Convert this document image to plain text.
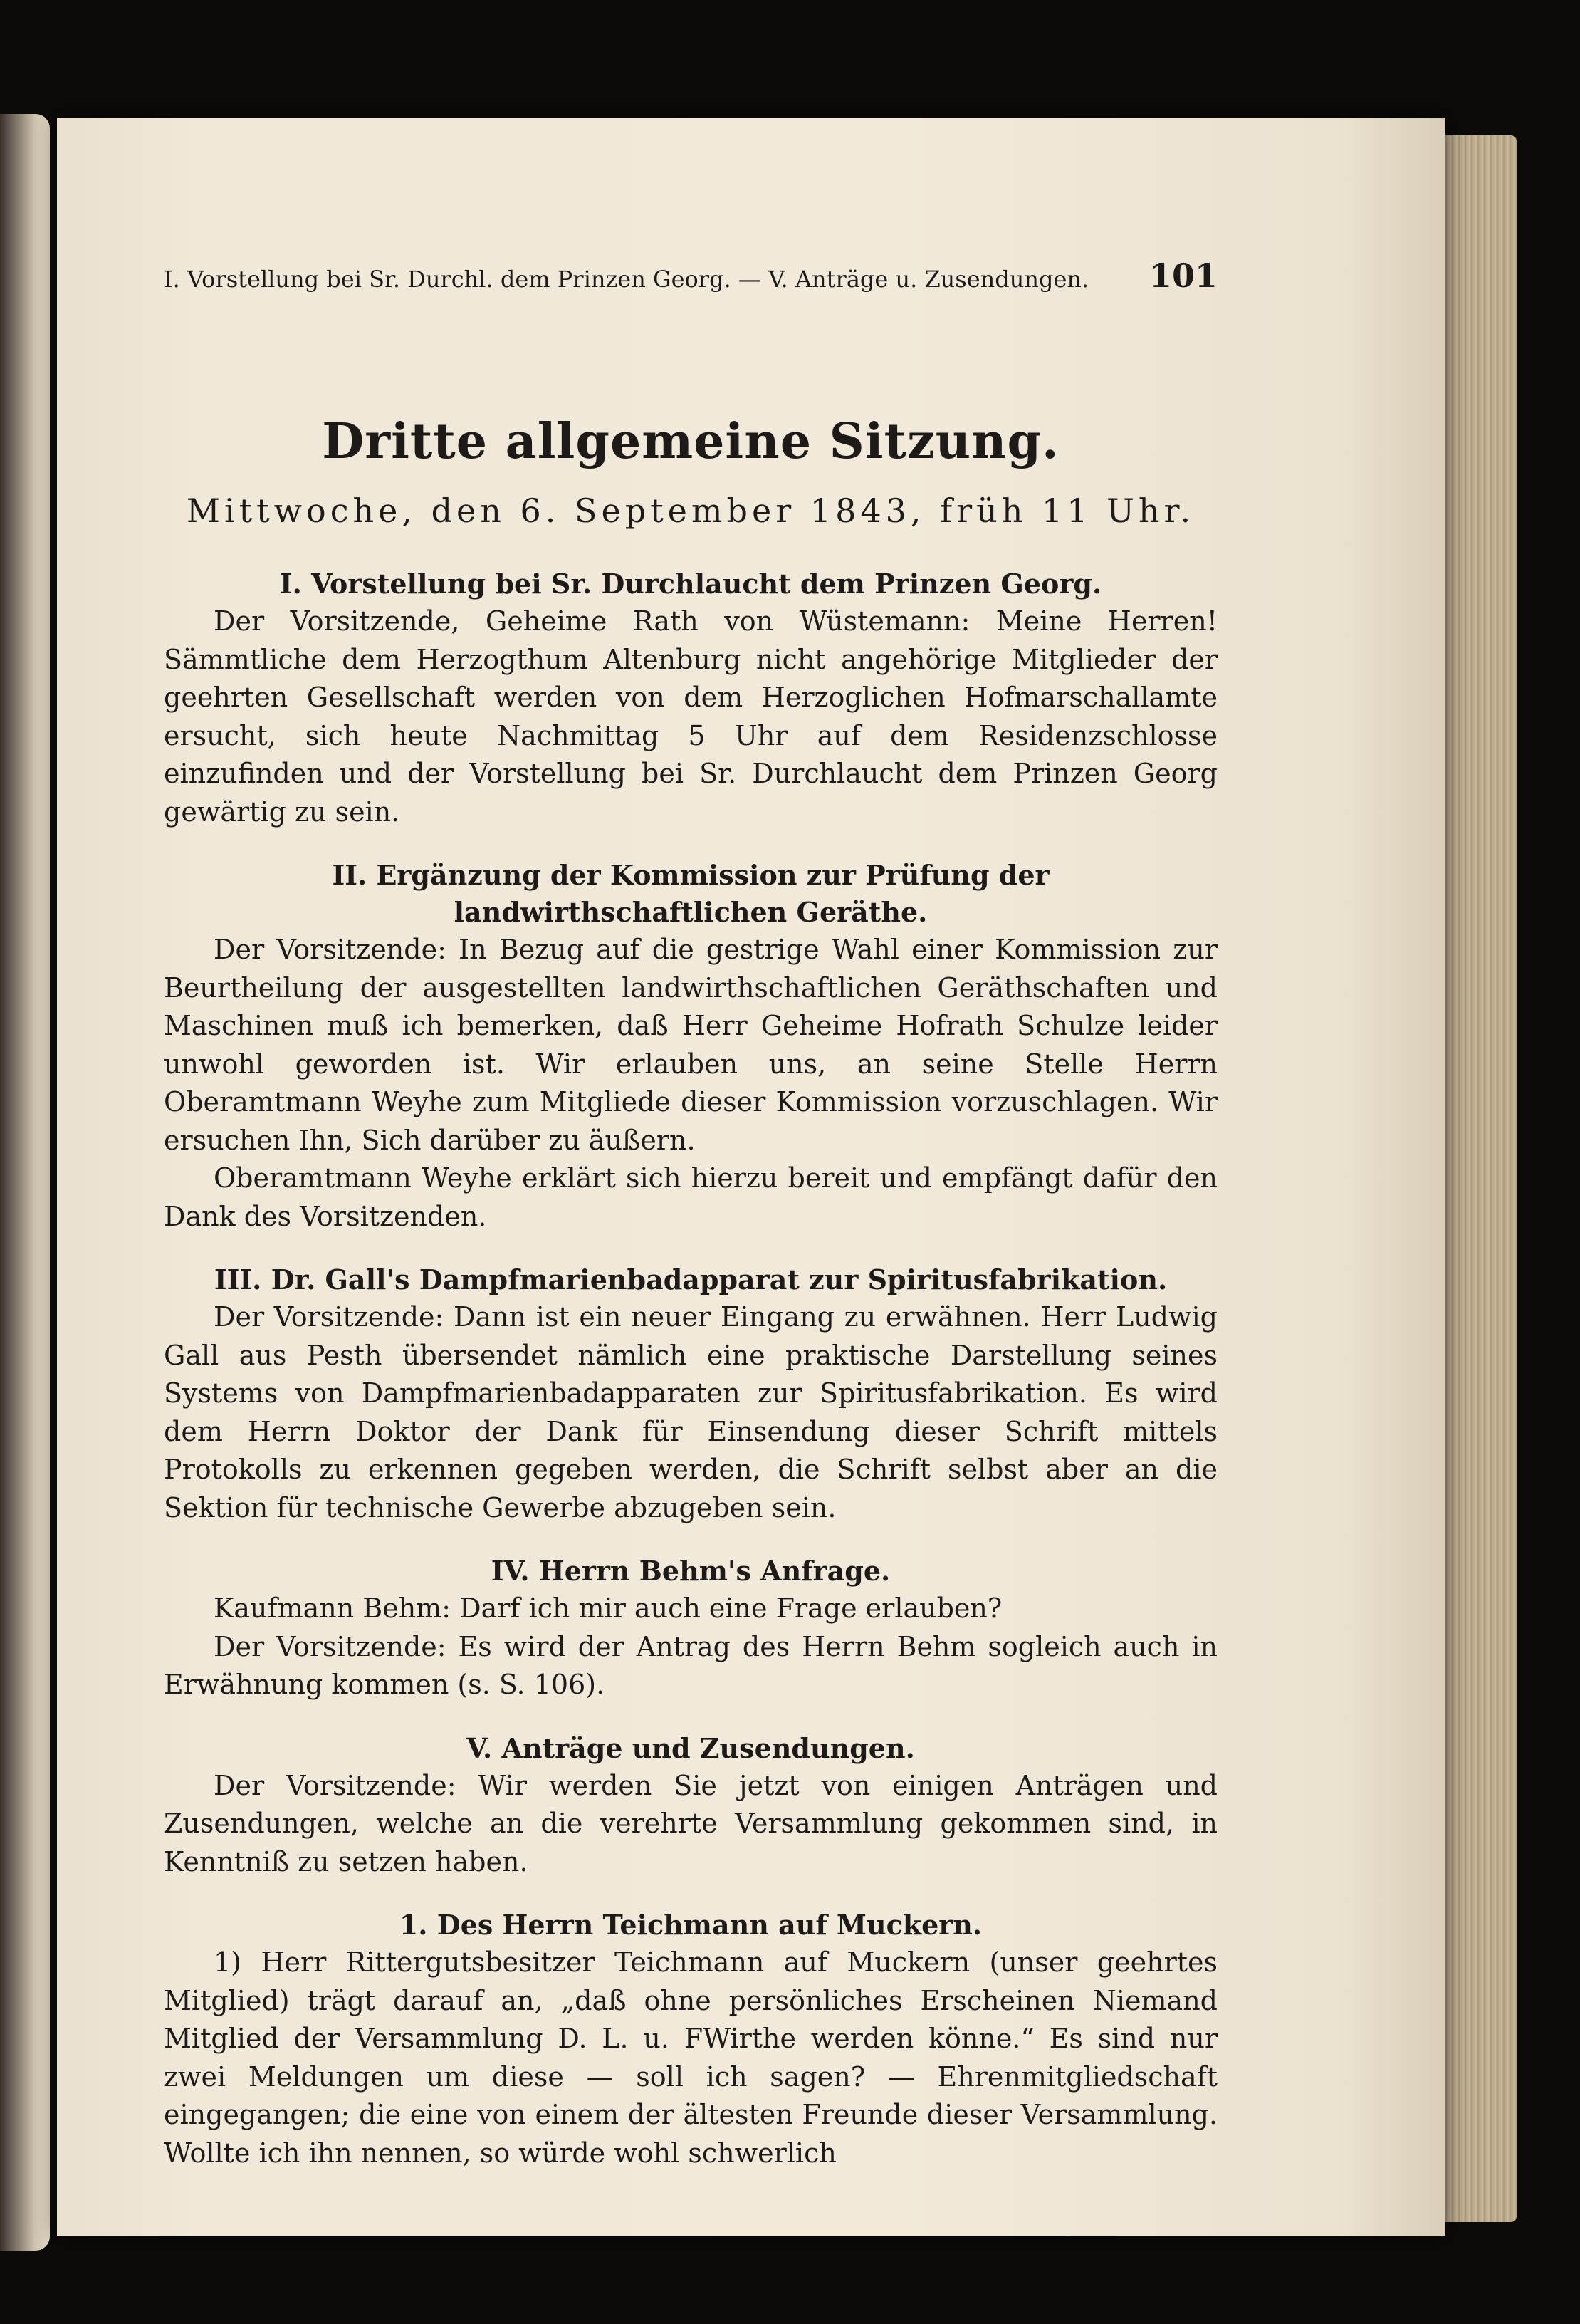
I. Vorstellung bei Sr. Durchl. dem Prinzen Georg. — V. Anträge u. Zusendungen. 101
Dritte allgemeine Sitzung.
Mittwoche, den 6. September 1843, früh 11 Uhr.
I. Vorstellung bei Sr. Durchlaucht dem Prinzen Georg.

Der Vorsitzende, Geheime Rath von Wüstemann: Meine Herren! Sämmtliche dem Herzogthum Altenburg nicht angehörige Mitglieder der geehrten Gesellschaft werden von dem Herzoglichen Hofmarschallamte ersucht, sich heute Nachmittag 5 Uhr auf dem Residenzschlosse einzufinden und der Vorstellung bei Sr. Durchlaucht dem Prinzen Georg gewärtig zu sein.

II. Ergänzung der Kommission zur Prüfung der landwirthschaftlichen Geräthe.

Der Vorsitzende: In Bezug auf die gestrige Wahl einer Kommission zur Beurtheilung der ausgestellten landwirthschaftlichen Geräthschaften und Maschinen muß ich bemerken, daß Herr Geheime Hofrath Schulze leider unwohl geworden ist. Wir erlauben uns, an seine Stelle Herrn Oberamtmann Weyhe zum Mitgliede dieser Kommission vorzuschlagen. Wir ersuchen Ihn, Sich darüber zu äußern.

Oberamtmann Weyhe erklärt sich hierzu bereit und empfängt dafür den Dank des Vorsitzenden.

III. Dr. Gall's Dampfmarienbadapparat zur Spiritusfabrikation.

Der Vorsitzende: Dann ist ein neuer Eingang zu erwähnen. Herr Ludwig Gall aus Pesth übersendet nämlich eine praktische Darstellung seines Systems von Dampfmarienbadapparaten zur Spiritusfabrikation. Es wird dem Herrn Doktor der Dank für Einsendung dieser Schrift mittels Protokolls zu erkennen gegeben werden, die Schrift selbst aber an die Sektion für technische Gewerbe abzugeben sein.

IV. Herrn Behm's Anfrage.

Kaufmann Behm: Darf ich mir auch eine Frage erlauben?

Der Vorsitzende: Es wird der Antrag des Herrn Behm sogleich auch in Erwähnung kommen (s. S. 106).

V. Anträge und Zusendungen.

Der Vorsitzende: Wir werden Sie jetzt von einigen Anträgen und Zusendungen, welche an die verehrte Versammlung gekommen sind, in Kenntniß zu setzen haben.

1. Des Herrn Teichmann auf Muckern.

1) Herr Rittergutsbesitzer Teichmann auf Muckern (unser geehrtes Mitglied) trägt darauf an, „daß ohne persönliches Erscheinen Niemand Mitglied der Versammlung D. L. u. FWirthe werden könne.“ Es sind nur zwei Meldungen um diese — soll ich sagen? — Ehrenmitgliedschaft eingegangen; die eine von einem der ältesten Freunde dieser Versammlung. Wollte ich ihn nennen, so würde wohl schwerlich
